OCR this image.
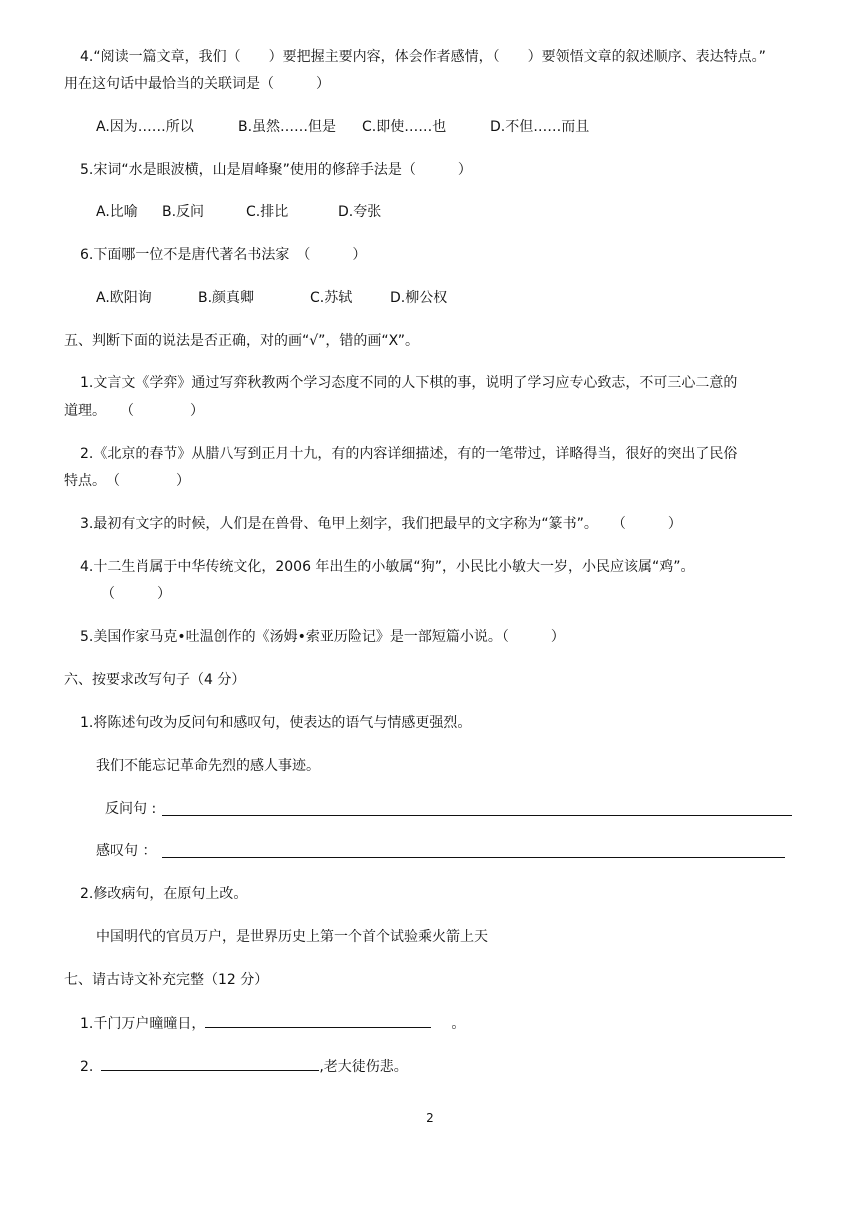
4.“阅读一篇文章，我们（　　）要把握主要内容，体会作者感情，（　　）要领悟文章的叙述顺序、表达特点。”
用在这句话中最恰当的关联词是（　　　）
A.因为……所以	B.虽然……但是 C.即使……也	D.不但……而且
5.宋词“水是眼波横，山是眉峰聚”使用的修辞手法是（　　　）
A.比喻 B.反问	C.排比	D.夸张
6.下面哪一位不是唐代著名书法家　（　　　）
A.欧阳询	B.颜真卿	C.苏轼	D.柳公权
五、判断下面的说法是否正确，对的画“√”，错的画“X”。
1.文言文《学弈》通过写弈秋教两个学习态度不同的人下棋的事，说明了学习应专心致志，不可三心二意的
道理。　　（　　　　）
2.《北京的春节》从腊八写到正月十九，有的内容详细描述，有的一笔带过，详略得当，很好的突出了民俗
特点。　（　　　　）
3.最初有文字的时候，人们是在兽骨、龟甲上刻字，我们把最早的文字称为“篆书”。　　（　　　）
4.十二生肖属于中华传统文化，2006 年出生的小敏属“狗”，小民比小敏大一岁，小民应该属“鸡”。
（　　　）
5.美国作家马克•吐温创作的《汤姆•索亚历险记》是一部短篇小说。（　　　）
六、按要求改写句子（4 分）
1.将陈述句改为反问句和感叹句，使表达的语气与情感更强烈。
我们不能忘记革命先烈的感人事迹。
反问句 :
感叹句 ：
2.修改病句，在原句上改。
中国明代的官员万户，是世界历史上第一个首个试验乘火箭上天
七、请古诗文补充完整（12 分）
1.千门万户曈曈日，	。
2.	,老大徒伤悲。
2
